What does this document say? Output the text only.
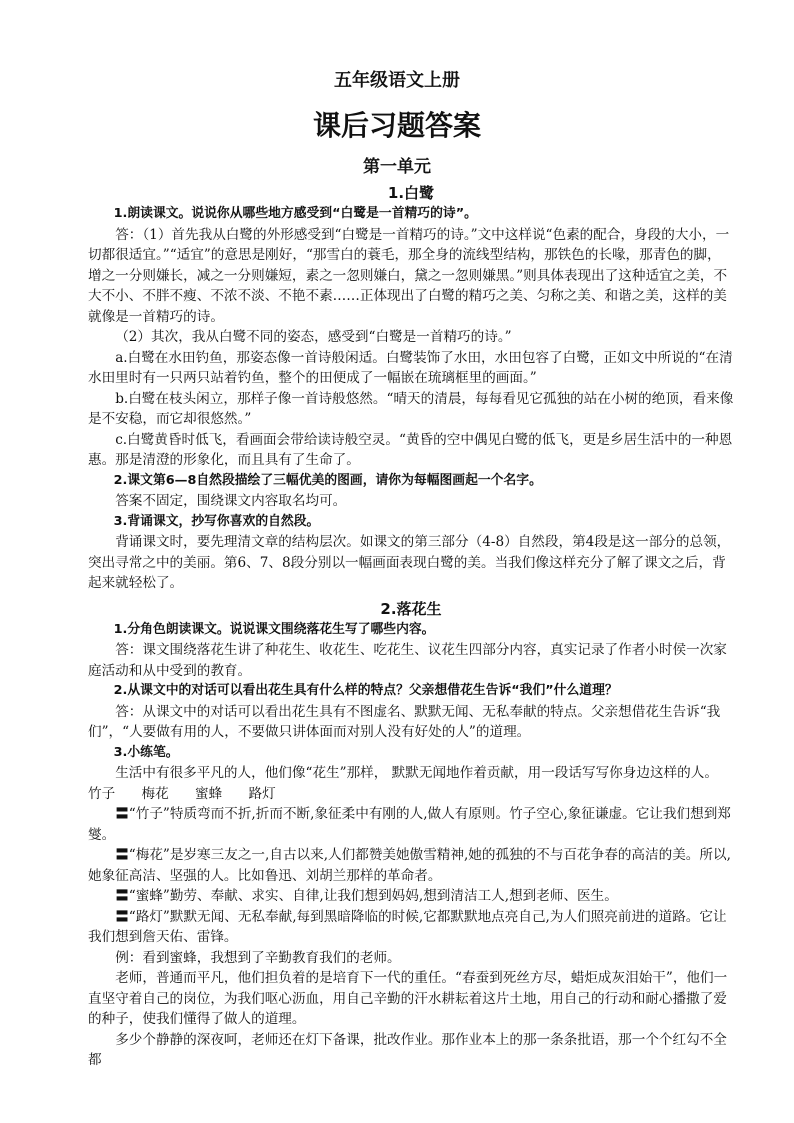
五年级语文上册
课后习题答案
第一单元

1.白鹭

1.朗读课文。说说你从哪些地方感受到“白鹭是一首精巧的诗”。

答：（1）首先我从白鹭的外形感受到“白鹭是一首精巧的诗。”文中这样说“色素的配合，身段的大小，一切都很适宜。”“适宜”的意思是刚好，“那雪白的蓑毛，那全身的流线型结构，那铁色的长喙，那青色的脚，增之一分则嫌长，减之一分则嫌短，素之一忽则嫌白，黛之一忽则嫌黑。”则具体表现出了这种适宜之美，不大不小、不胖不瘦、不浓不淡、不艳不素……正体现出了白鹭的精巧之美、匀称之美、和谐之美，这样的美就像是一首精巧的诗。

（2）其次，我从白鹭不同的姿态，感受到“白鹭是一首精巧的诗。”

a.白鹭在水田钓鱼，那姿态像一首诗般闲适。白鹭装饰了水田，水田包容了白鹭，正如文中所说的“在清水田里时有一只两只站着钓鱼，整个的田便成了一幅嵌在琉璃框里的画面。”

b.白鹭在枝头闲立，那样子像一首诗般悠然。“晴天的清晨，每每看见它孤独的站在小树的绝顶，看来像是不安稳，而它却很悠然。”

c.白鹭黄昏时低飞，看画面会带给读诗般空灵。“黄昏的空中偶见白鹭的低飞，更是乡居生活中的一种恩惠。那是清澄的形象化，而且具有了生命了。

2.课文第6—8自然段描绘了三幅优美的图画，请你为每幅图画起一个名字。

答案不固定，围绕课文内容取名均可。

3.背诵课文，抄写你喜欢的自然段。

背诵课文时，要先理清文章的结构层次。如课文的第三部分（4-8）自然段，第4段是这一部分的总领，突出寻常之中的美丽。第6、7、8段分别以一幅画面表现白鹭的美。当我们像这样充分了解了课文之后，背起来就轻松了。

2.落花生

1.分角色朗读课文。说说课文围绕落花生写了哪些内容。

答：课文围绕落花生讲了种花生、收花生、吃花生、议花生四部分内容，真实记录了作者小时侯一次家庭活动和从中受到的教育。

2.从课文中的对话可以看出花生具有什么样的特点？父亲想借花生告诉“我们”什么道理？

答：从课文中的对话可以看出花生具有不图虚名、默默无闻、无私奉献的特点。父亲想借花生告诉“我们”，“人要做有用的人，不要做只讲体面而对别人没有好处的人”的道理。

3.小练笔。

生活中有很多平凡的人，他们像“花生”那样， 默默无闻地作着贡献，用一段话写写你身边这样的人。

竹子 梅花 蜜蜂 路灯

〓“竹子”特质弯而不折,折而不断,象征柔中有刚的人,做人有原则。竹子空心,象征谦虚。它让我们想到郑燮。

〓“梅花”是岁寒三友之一,自古以来,人们都赞美她傲雪精神,她的孤独的不与百花争春的高洁的美。所以,她象征高洁、坚强的人。比如鲁迅、刘胡兰那样的革命者。

〓“蜜蜂”勤劳、奉献、求实、自律,让我们想到妈妈,想到清洁工人,想到老师、医生。

〓“路灯”默默无闻、无私奉献,每到黑暗降临的时候,它都默默地点亮自己,为人们照亮前进的道路。它让我们想到詹天佑、雷锋。

例：看到蜜蜂，我想到了辛勤教育我们的老师。

老师，普通而平凡，他们担负着的是培育下一代的重任。“春蚕到死丝方尽，蜡炬成灰泪始干”，他们一直坚守着自己的岗位，为我们呕心沥血，用自己辛勤的汗水耕耘着这片土地，用自己的行动和耐心播撒了爱的种子，使我们懂得了做人的道理。

多少个静静的深夜呵，老师还在灯下备课，批改作业。那作业本上的那一条条批语，那一个个红勾不全都
